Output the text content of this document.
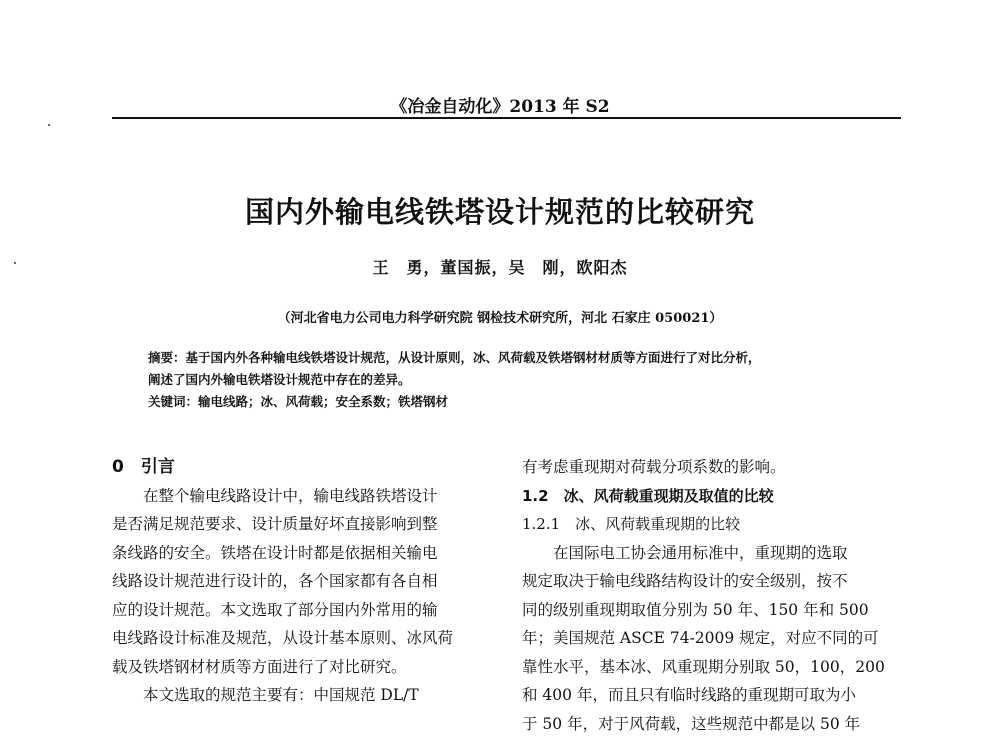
《冶金自动化》2013 年 S2
国内外输电线铁塔设计规范的比较研究
王　勇，董国振，吴　刚，欧阳杰
（河北省电力公司电力科学研究院 钢检技术研究所，河北 石家庄 050021）
摘要：基于国内外各种输电线铁塔设计规范，从设计原则，冰、风荷载及铁塔钢材材质等方面进行了对比分析，
阐述了国内外输电铁塔设计规范中存在的差异。
关键词：输电线路；冰、风荷载；安全系数；铁塔钢材
0　引言
在整个输电线路设计中，输电线路铁塔设计
是否满足规范要求、设计质量好坏直接影响到整
条线路的安全。铁塔在设计时都是依据相关输电
线路设计规范进行设计的，各个国家都有各自相
应的设计规范。本文选取了部分国内外常用的输
电线路设计标准及规范，从设计基本原则、冰风荷
载及铁塔钢材材质等方面进行了对比研究。
本文选取的规范主要有：中国规范 DL/T
有考虑重现期对荷载分项系数的影响。
1.2　冰、风荷载重现期及取值的比较
1.2.1　冰、风荷载重现期的比较
在国际电工协会通用标准中，重现期的选取
规定取决于输电线路结构设计的安全级别，按不
同的级别重现期取值分别为 50 年、150 年和 500
年；美国规范 ASCE 74-2009 规定，对应不同的可
靠性水平，基本冰、风重现期分别取 50，100，200
和 400 年，而且只有临时线路的重现期可取为小
于 50 年，对于风荷载，这些规范中都是以 50 年
